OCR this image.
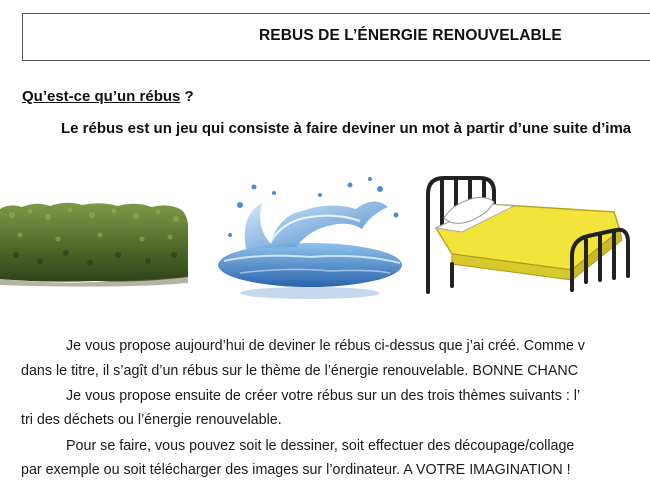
REBUS DE L’ÉNERGIE RENOUVELABLE
Qu’est-ce qu’un rébus ?
Le rébus est un jeu qui consiste à faire deviner un mot à partir d’une suite d’ima
Je vous propose aujourd’hui de deviner le rébus ci-dessus que j’ai créé. Comme v
dans le titre, il s’agît d’un rébus sur le thème de l’énergie renouvelable. BONNE CHANC
Je vous propose ensuite de créer votre rébus sur un des trois thèmes suivants : l’
tri des déchets ou l’énergie renouvelable.
Pour se faire, vous pouvez soit le dessiner, soit effectuer des découpage/collage
par exemple ou soit télécharger des images sur l’ordinateur. A VOTRE IMAGINATION !
